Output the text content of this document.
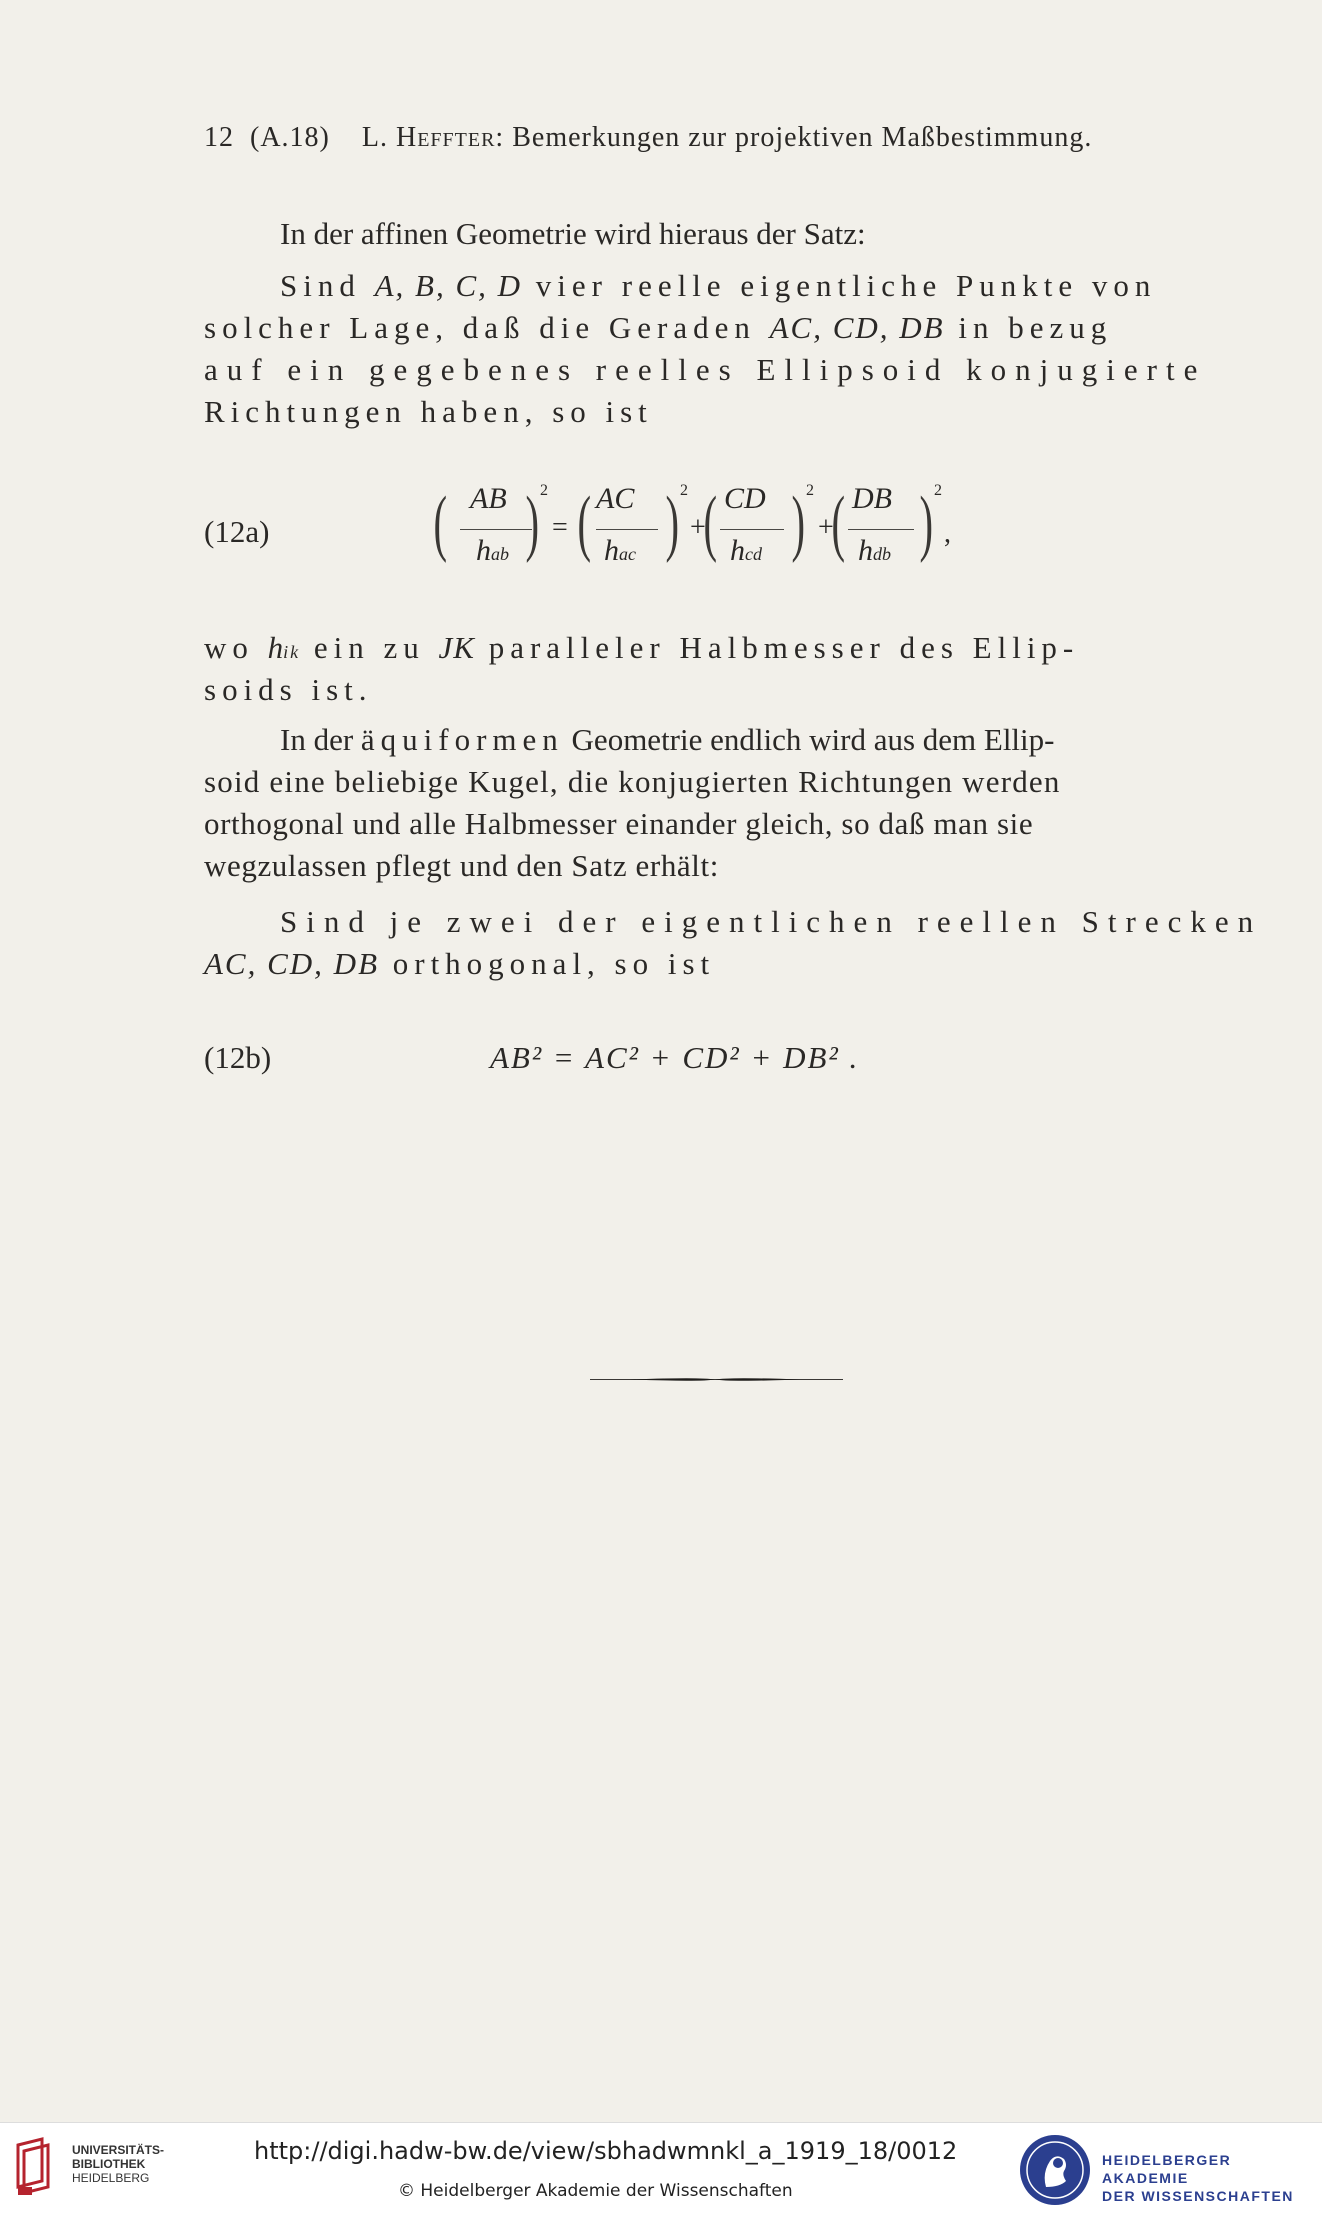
12 (A.18) L. Heffter: Bemerkungen zur projektiven Maßbestimmung.
In der affinen Geometrie wird hieraus der Satz:
Sind A, B, C, D vier reelle eigentliche Punkte von
solcher Lage, daß die Geraden AC, CD, DB in bezug
auf ein gegebenes reelles Ellipsoid konjugierte
Richtungen haben, so ist
(12a) ( AB
hab ) 2
= ( AC
hac ) 2
+
( CD
hcd ) 2
+
( DB
hdb ) 2
,
wo hik ein zu JK paralleler Halbmesser des Ellip-
soids ist.
In der äquiformen Geometrie endlich wird aus dem Ellip-
soid eine beliebige Kugel, die konjugierten Richtungen werden
orthogonal und alle Halbmesser einander gleich, so daß man sie
wegzulassen pflegt und den Satz erhält:
Sind je zwei der eigentlichen reellen Strecken
AC, CD, DB orthogonal, so ist
(12b)	AB² = AC² + CD² + DB² .
UNIVERSITÄTS-
BIBLIOTHEK
HEIDELBERG
http://digi.hadw-bw.de/view/sbhadwmnkl_a_1919_18/0012
© Heidelberger Akademie der Wissenschaften
HEIDELBERGER AKADEMIE
DER WISSENSCHAFTEN
